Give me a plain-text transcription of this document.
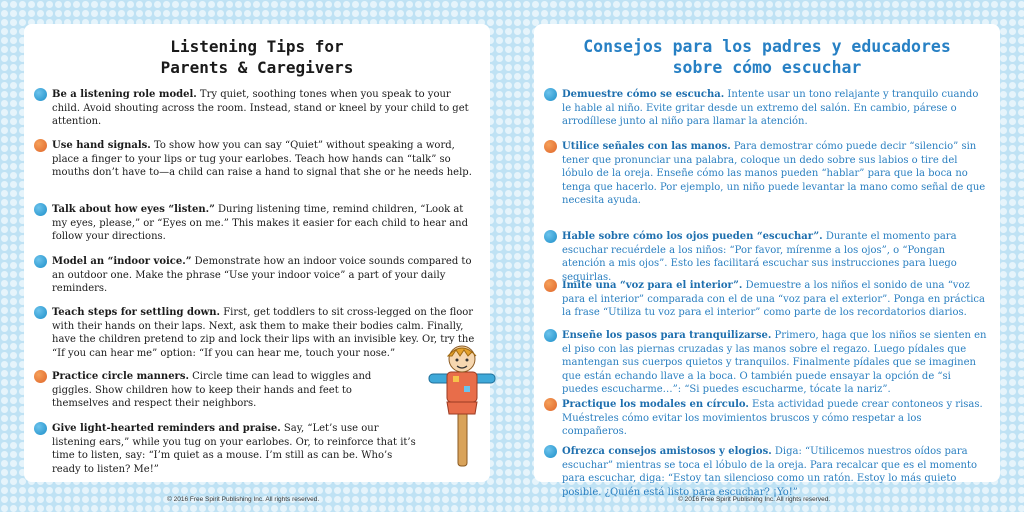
Listening Tips for
Parents & Caregivers
Be a listening role model. Try quiet, soothing tones when you speak to your child. Avoid shouting across the room. Instead, stand or kneel by your child to get attention.
Use hand signals. To show how you can say “Quiet” without speaking a word, place a finger to your lips or tug your earlobes. Teach how hands can “talk” so mouths don’t have to—a child can raise a hand to signal that she or he needs help.
Talk about how eyes “listen.” During listening time, remind children, “Look at my eyes, please,” or “Eyes on me.” This makes it easier for each child to hear and follow your directions.
Model an “indoor voice.” Demonstrate how an indoor voice sounds compared to an outdoor one. Make the phrase “Use your indoor voice” a part of your daily reminders.
Teach steps for settling down. First, get toddlers to sit cross-legged on the floor with their hands on their laps. Next, ask them to make their bodies calm. Finally, have the children pretend to zip and lock their lips with an invisible key. Or, try the “If you can hear me” option: “If you can hear me, touch your nose.”
Practice circle manners. Circle time can lead to wiggles and giggles. Show children how to keep their hands and feet to themselves and respect their neighbors.
Give light-hearted reminders and praise. Say, “Let’s use our listening ears,” while you tug on your earlobes. Or, to reinforce that it’s time to listen, say: “I’m quiet as a mouse. I’m still as can be. Who’s ready to listen? Me!”
Consejos para los padres y educadores
sobre cómo escuchar
Demuestre cómo se escucha. Intente usar un tono relajante y tranquilo cuando le hable al niño. Evite gritar desde un extremo del salón. En cambio, párese o arrodíllese junto al niño para llamar la atención.
Utilice señales con las manos. Para demostrar cómo puede decir “silencio” sin tener que pronunciar una palabra, coloque un dedo sobre sus labios o tire del lóbulo de la oreja. Enseñe cómo las manos pueden “hablar” para que la boca no tenga que hacerlo. Por ejemplo, un niño puede levantar la mano como señal de que necesita ayuda.
Hable sobre cómo los ojos pueden “escuchar”. Durante el momento para escuchar recuérdele a los niños: “Por favor, mírenme a los ojos”, o “Pongan atención a mis ojos”. Esto les facilitará escuchar sus instrucciones para luego seguirlas.
Imite una “voz para el interior”. Demuestre a los niños el sonido de una “voz para el interior” comparada con el de una “voz para el exterior”. Ponga en práctica la frase “Utiliza tu voz para el interior” como parte de los recordatorios diarios.
Enseñe los pasos para tranquilizarse. Primero, haga que los niños se sienten en el piso con las piernas cruzadas y las manos sobre el regazo. Luego pídales que mantengan sus cuerpos quietos y tranquilos. Finalmente pídales que se imaginen que están echando llave a la boca. O también puede ensayar la opción de “si puedes escucharme…”: “Si puedes escucharme, tócate la nariz”.
Practique los modales en círculo. Esta actividad puede crear contoneos y risas. Muéstreles cómo evitar los movimientos bruscos y cómo respetar a los compañeros.
Ofrezca consejos amistosos y elogios. Diga: “Utilicemos nuestros oídos para escuchar” mientras se toca el lóbulo de la oreja. Para recalcar que es el momento para escuchar, diga: “Estoy tan silencioso como un ratón. Estoy lo más quieto posible. ¿Quién está listo para escuchar? ¡Yo!”
© 2016 Free Spirit Publishing Inc. All rights reserved.	© 2016 Free Spirit Publishing Inc. All rights reserved.
